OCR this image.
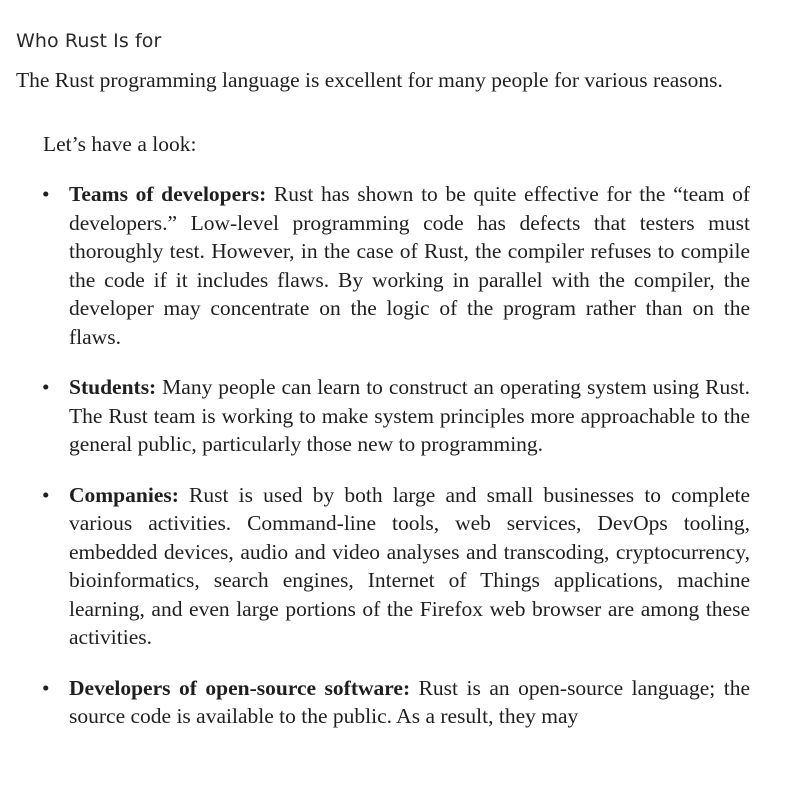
Who Rust Is for

The Rust programming language is excellent for many people for various reasons.

Let’s have a look:

• Teams of developers: Rust has shown to be quite effective for the “team of developers.” Low-level programming code has defects that testers must thoroughly test. However, in the case of Rust, the compiler refuses to compile the code if it includes flaws. By working in parallel with the compiler, the developer may concentrate on the logic of the program rather than on the flaws.
• Students: Many people can learn to construct an operating system using Rust. The Rust team is working to make system principles more approachable to the general public, particularly those new to programming.
• Companies: Rust is used by both large and small businesses to complete various activities. Command-line tools, web services, DevOps tooling, embedded devices, audio and video analyses and transcoding, cryptocurrency, bioinformatics, search engines, Internet of Things applications, machine learning, and even large portions of the Firefox web browser are among these activities.
• Developers of open-source software: Rust is an open-source language; the source code is available to the public. As a result, they may
